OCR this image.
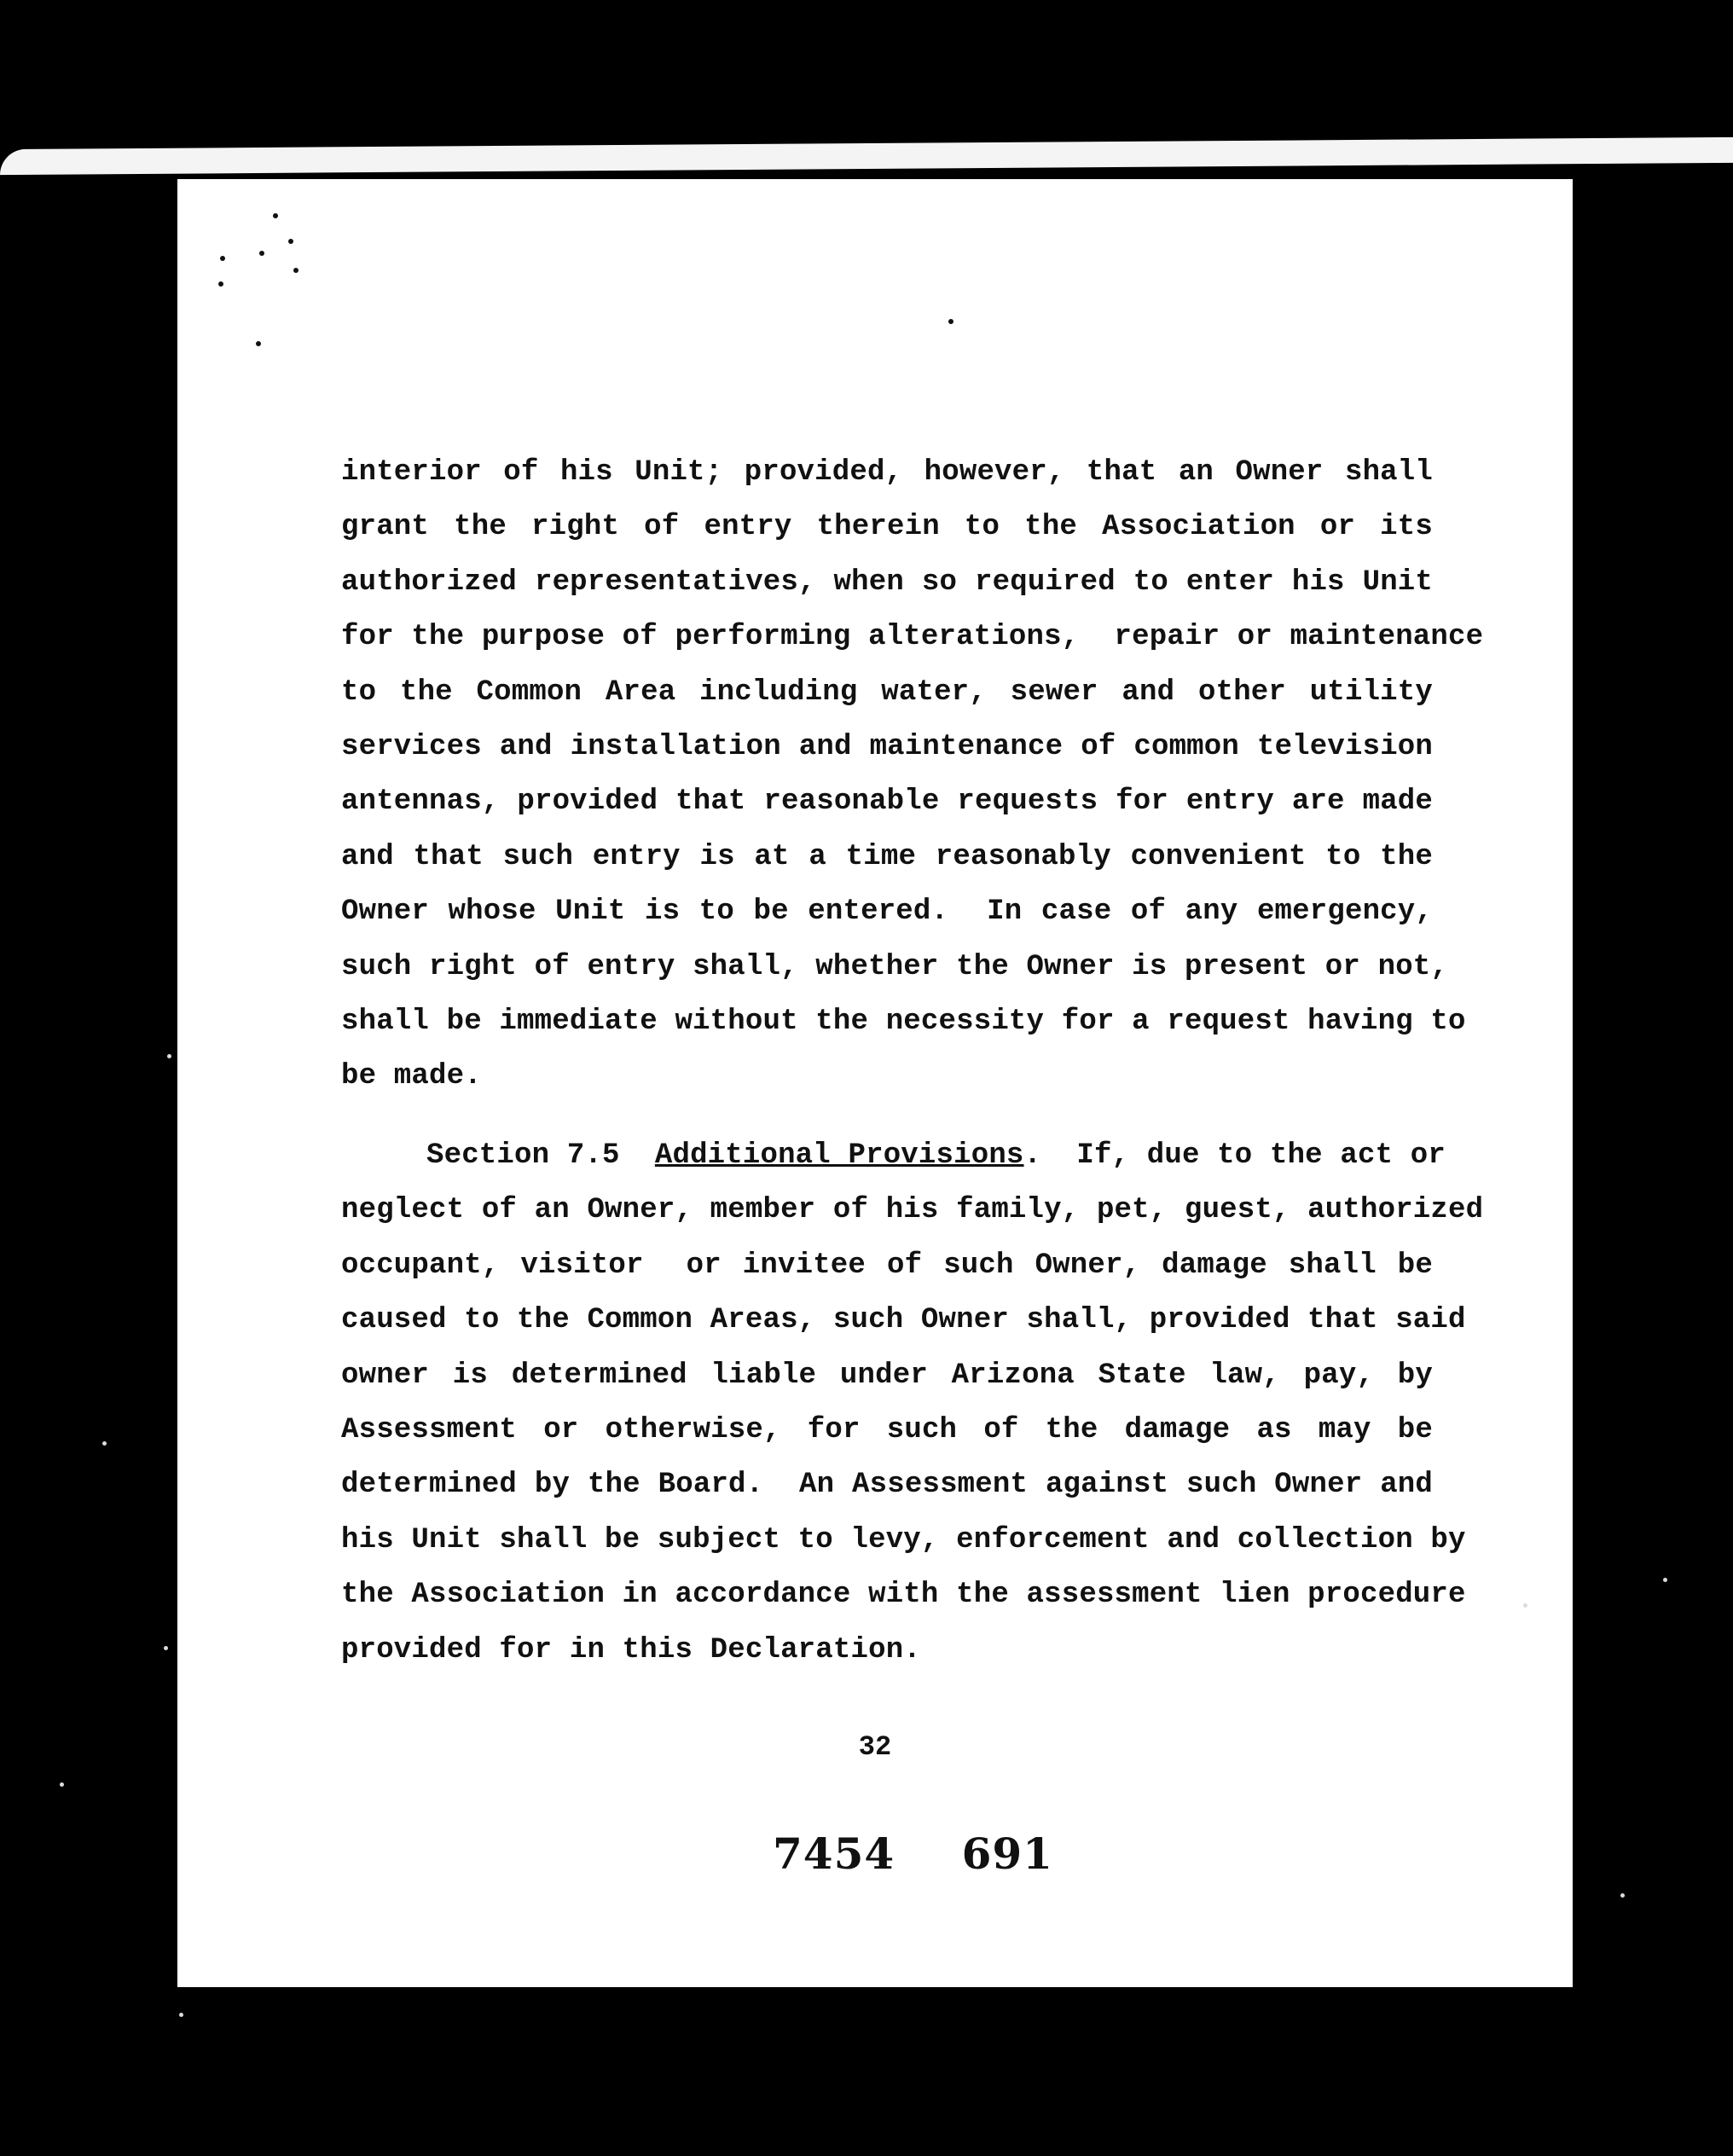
interior of his Unit; provided, however, that an Owner shall
grant the right of entry therein to the Association or its
authorized representatives, when so required to enter his Unit
for the purpose of performing alterations,  repair or maintenance
to the Common Area including water, sewer and other utility
services and installation and maintenance of common television
antennas, provided that reasonable requests for entry are made
and that such entry is at a time reasonably convenient to the
Owner whose Unit is to be entered.  In case of any emergency,
such right of entry shall, whether the Owner is present or not,
shall be immediate without the necessity for a request having to
be made.
Section 7.5 Additional Provisions.  If, due to the act or
neglect of an Owner, member of his family, pet, guest, authorized
occupant, visitor  or invitee of such Owner, damage shall be
caused to the Common Areas, such Owner shall, provided that said
owner is determined liable under Arizona State law, pay, by
Assessment or otherwise, for such of the damage as may be
determined by the Board.  An Assessment against such Owner and
his Unit shall be subject to levy, enforcement and collection by
the Association in accordance with the assessment lien procedure
provided for in this Declaration.
32
7454 691
